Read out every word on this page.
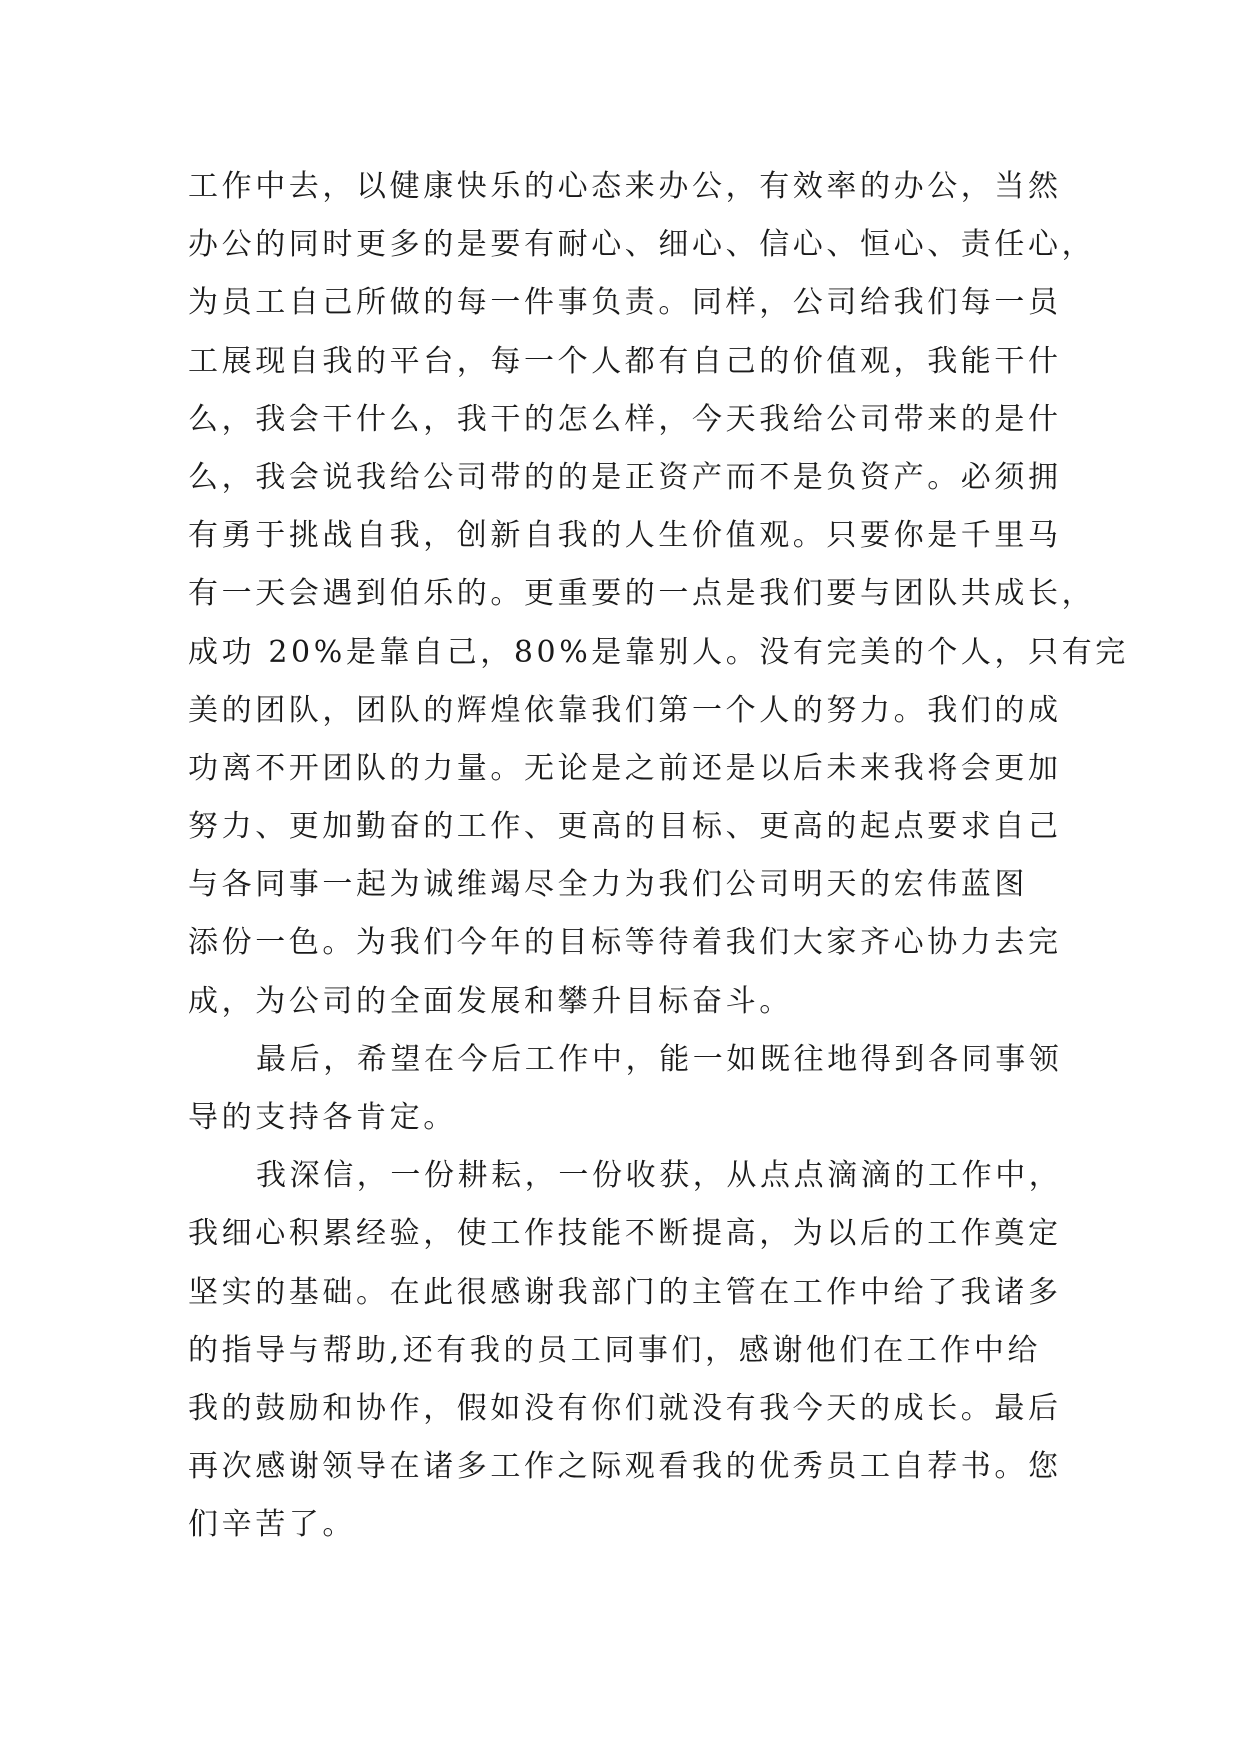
工作中去，以健康快乐的心态来办公，有效率的办公，当然
办公的同时更多的是要有耐心、细心、信心、恒心、责任心，
为员工自己所做的每一件事负责。同样，公司给我们每一员
工展现自我的平台，每一个人都有自己的价值观，我能干什
么，我会干什么，我干的怎么样，今天我给公司带来的是什
么，我会说我给公司带的的是正资产而不是负资产。必须拥
有勇于挑战自我，创新自我的人生价值观。只要你是千里马
有一天会遇到伯乐的。更重要的一点是我们要与团队共成长，
成功 20%是靠自己，80%是靠别人。没有完美的个人，只有完
美的团队，团队的辉煌依靠我们第一个人的努力。我们的成
功离不开团队的力量。无论是之前还是以后未来我将会更加
努力、更加勤奋的工作、更高的目标、更高的起点要求自己
与各同事一起为诚维竭尽全力为我们公司明天的宏伟蓝图
添份一色。为我们今年的目标等待着我们大家齐心协力去完
成，为公司的全面发展和攀升目标奋斗。
最后，希望在今后工作中，能一如既往地得到各同事领
导的支持各肯定。
我深信，一份耕耘，一份收获，从点点滴滴的工作中，
我细心积累经验，使工作技能不断提高，为以后的工作奠定
坚实的基础。在此很感谢我部门的主管在工作中给了我诸多
的指导与帮助,还有我的员工同事们，感谢他们在工作中给
我的鼓励和协作，假如没有你们就没有我今天的成长。最后
再次感谢领导在诸多工作之际观看我的优秀员工自荐书。您
们辛苦了。
